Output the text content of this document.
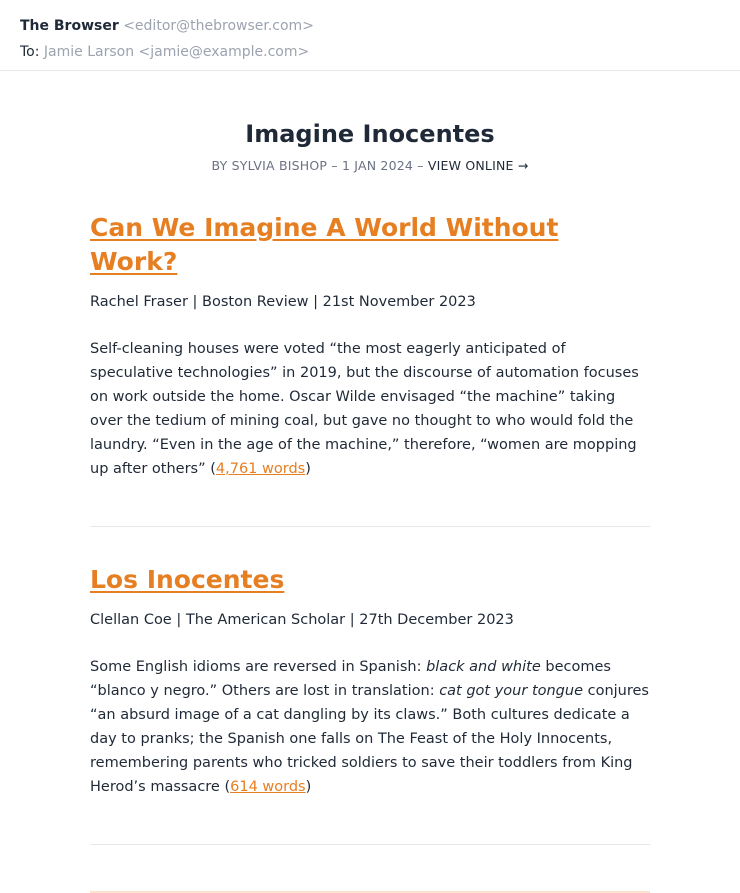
The Browser <editor@thebrowser.com>
To: Jamie Larson <jamie@example.com>
Imagine Inocentes
BY SYLVIA BISHOP – 1 JAN 2024 – VIEW ONLINE →
Can We Imagine A World Without Work?
Rachel Fraser | Boston Review | 21st November 2023
Self-cleaning houses were voted “the most eagerly anticipated of speculative technologies” in 2019, but the discourse of automation focuses on work outside the home. Oscar Wilde envisaged “the machine” taking over the tedium of mining coal, but gave no thought to who would fold the laundry. “Even in the age of the machine,” therefore, “women are mopping up after others” (4,761 words)
Los Inocentes
Clellan Coe | The American Scholar | 27th December 2023
Some English idioms are reversed in Spanish: black and white becomes “blanco y negro.” Others are lost in translation: cat got your tongue conjures “an absurd image of a cat dangling by its claws.” Both cultures dedicate a day to pranks; the Spanish one falls on The Feast of the Holy Innocents, remembering parents who tricked soldiers to save their toddlers from King Herod’s massacre (614 words)
